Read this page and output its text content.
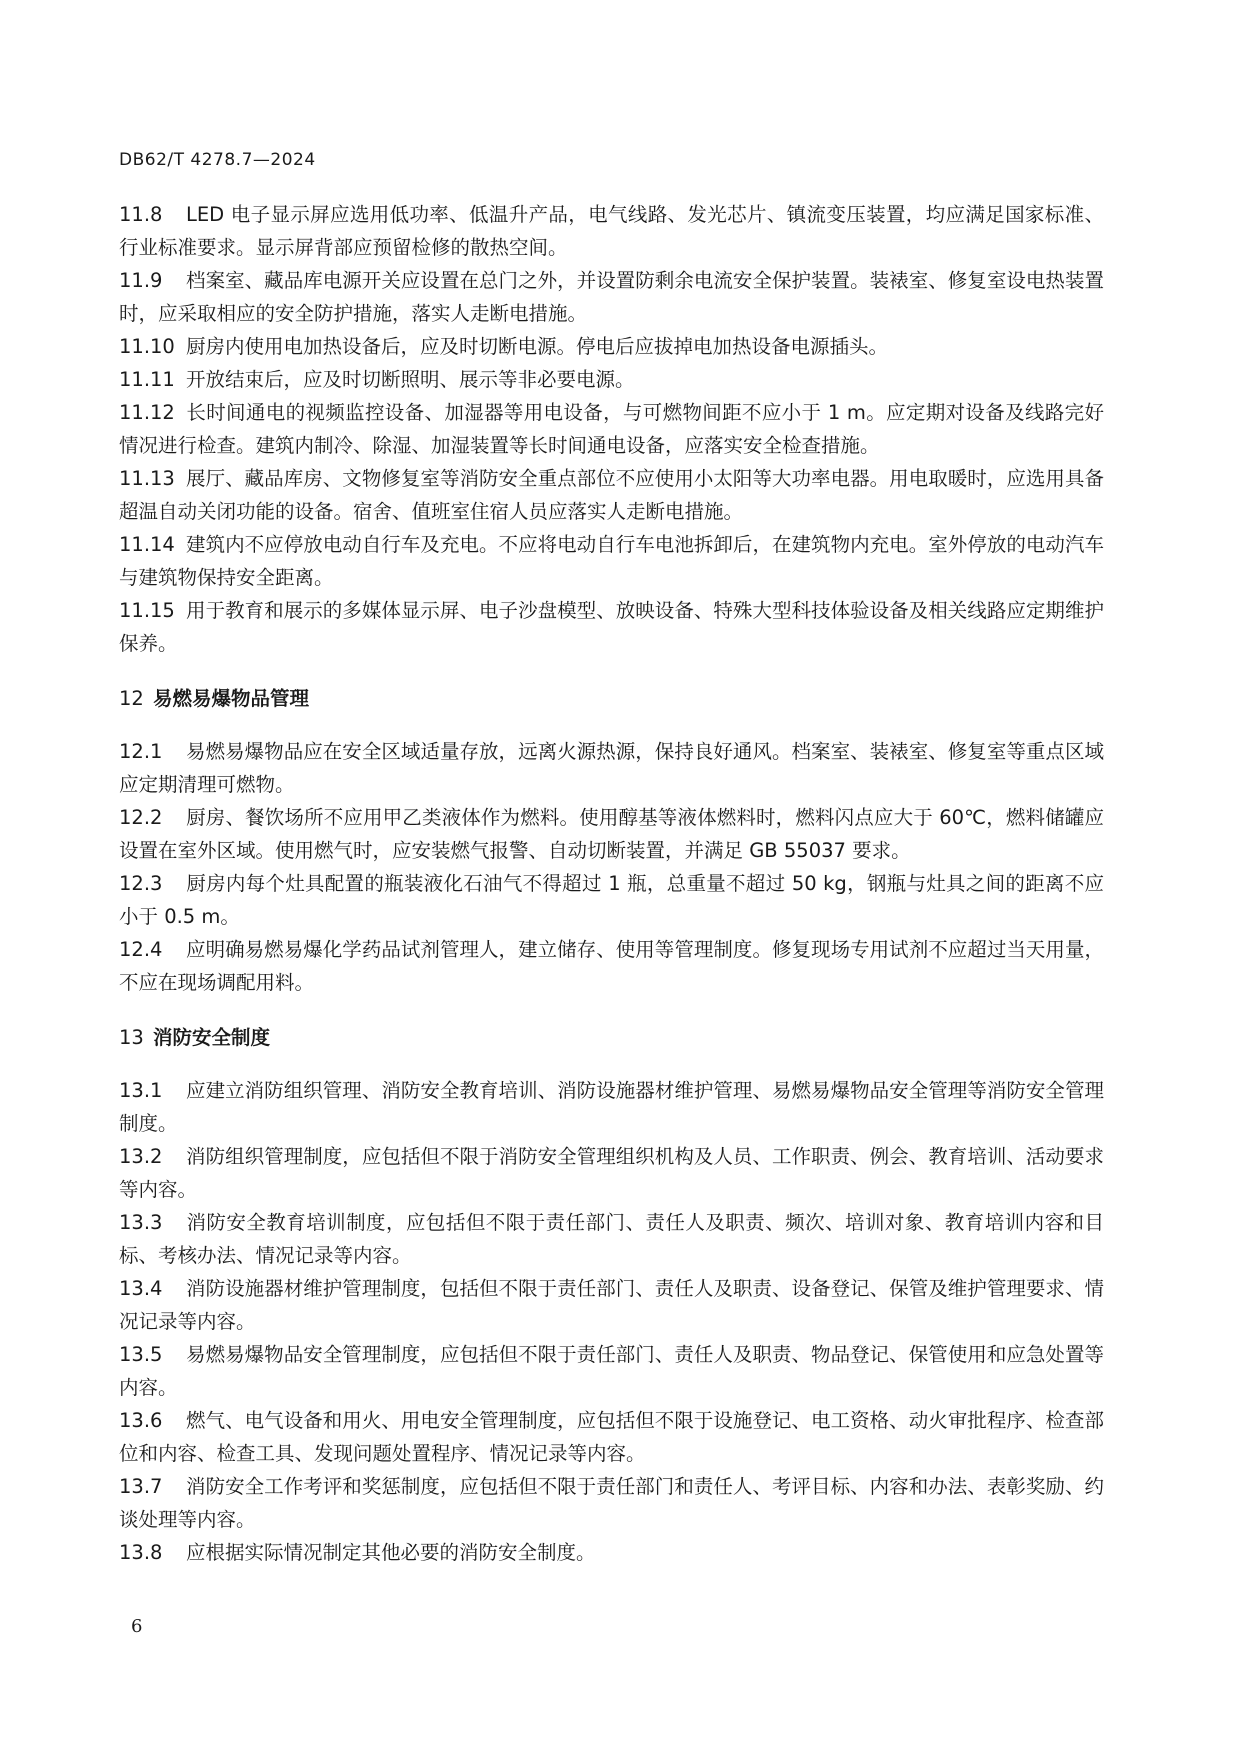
DB62/T 4278.7—2024

11.8 LED 电子显示屏应选用低功率、低温升产品，电气线路、发光芯片、镇流变压装置，均应满足国家标准、行业标准要求。显示屏背部应预留检修的散热空间。

11.9 档案室、藏品库电源开关应设置在总门之外，并设置防剩余电流安全保护装置。装裱室、修复室设电热装置时，应采取相应的安全防护措施，落实人走断电措施。

11.10 厨房内使用电加热设备后，应及时切断电源。停电后应拔掉电加热设备电源插头。

11.11 开放结束后，应及时切断照明、展示等非必要电源。

11.12 长时间通电的视频监控设备、加湿器等用电设备，与可燃物间距不应小于 1 m。应定期对设备及线路完好情况进行检查。建筑内制冷、除湿、加湿装置等长时间通电设备，应落实安全检查措施。

11.13 展厅、藏品库房、文物修复室等消防安全重点部位不应使用小太阳等大功率电器。用电取暖时，应选用具备超温自动关闭功能的设备。宿舍、值班室住宿人员应落实人走断电措施。

11.14 建筑内不应停放电动自行车及充电。不应将电动自行车电池拆卸后，在建筑物内充电。室外停放的电动汽车与建筑物保持安全距离。

11.15 用于教育和展示的多媒体显示屏、电子沙盘模型、放映设备、特殊大型科技体验设备及相关线路应定期维护保养。

12 易燃易爆物品管理

12.1 易燃易爆物品应在安全区域适量存放，远离火源热源，保持良好通风。档案室、装裱室、修复室等重点区域应定期清理可燃物。

12.2 厨房、餐饮场所不应用甲乙类液体作为燃料。使用醇基等液体燃料时，燃料闪点应大于 60℃，燃料储罐应设置在室外区域。使用燃气时，应安装燃气报警、自动切断装置，并满足 GB 55037 要求。

12.3 厨房内每个灶具配置的瓶装液化石油气不得超过 1 瓶，总重量不超过 50 kg，钢瓶与灶具之间的距离不应小于 0.5 m。

12.4 应明确易燃易爆化学药品试剂管理人，建立储存、使用等管理制度。修复现场专用试剂不应超过当天用量，不应在现场调配用料。

13 消防安全制度

13.1 应建立消防组织管理、消防安全教育培训、消防设施器材维护管理、易燃易爆物品安全管理等消防安全管理制度。

13.2 消防组织管理制度，应包括但不限于消防安全管理组织机构及人员、工作职责、例会、教育培训、活动要求等内容。

13.3 消防安全教育培训制度，应包括但不限于责任部门、责任人及职责、频次、培训对象、教育培训内容和目标、考核办法、情况记录等内容。

13.4 消防设施器材维护管理制度，包括但不限于责任部门、责任人及职责、设备登记、保管及维护管理要求、情况记录等内容。

13.5 易燃易爆物品安全管理制度，应包括但不限于责任部门、责任人及职责、物品登记、保管使用和应急处置等内容。

13.6 燃气、电气设备和用火、用电安全管理制度，应包括但不限于设施登记、电工资格、动火审批程序、检查部位和内容、检查工具、发现问题处置程序、情况记录等内容。

13.7 消防安全工作考评和奖惩制度，应包括但不限于责任部门和责任人、考评目标、内容和办法、表彰奖励、约谈处理等内容。

13.8 应根据实际情况制定其他必要的消防安全制度。

6
